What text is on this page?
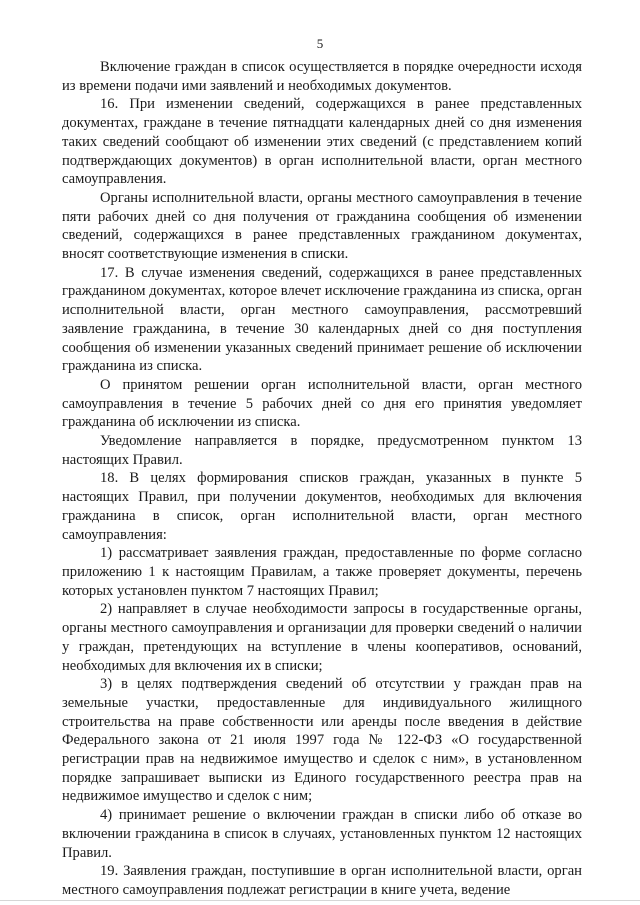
5

Включение граждан в список осуществляется в порядке очередности исходя из времени подачи ими заявлений и необходимых документов.

16. При изменении сведений, содержащихся в ранее представленных документах, граждане в течение пятнадцати календарных дней со дня изменения таких сведений сообщают об изменении этих сведений (с представлением копий подтверждающих документов) в орган исполнительной власти, орган местного самоуправления.

Органы исполнительной власти, органы местного самоуправления в течение пяти рабочих дней со дня получения от гражданина сообщения об изменении сведений, содержащихся в ранее представленных гражданином документах, вносят соответствующие изменения в списки.

17. В случае изменения сведений, содержащихся в ранее представленных гражданином документах, которое влечет исключение гражданина из списка, орган исполнительной власти, орган местного самоуправления, рассмотревший заявление гражданина, в течение 30 календарных дней со дня поступления сообщения об изменении указанных сведений принимает решение об исключении гражданина из списка.

О принятом решении орган исполнительной власти, орган местного самоуправления в течение 5 рабочих дней со дня его принятия уведомляет гражданина об исключении из списка.

Уведомление направляется в порядке, предусмотренном пунктом 13 настоящих Правил.

18. В целях формирования списков граждан, указанных в пункте 5 настоящих Правил, при получении документов, необходимых для включения гражданина в список, орган исполнительной власти, орган местного самоуправления:

1) рассматривает заявления граждан, предоставленные по форме согласно приложению 1 к настоящим Правилам, а также проверяет документы, перечень которых установлен пунктом 7 настоящих Правил;

2) направляет в случае необходимости запросы в государственные органы, органы местного самоуправления и организации для проверки сведений о наличии у граждан, претендующих на вступление в члены кооперативов, оснований, необходимых для включения их в списки;

3) в целях подтверждения сведений об отсутствии у граждан прав на земельные участки, предоставленные для индивидуального жилищного строительства на праве собственности или аренды после введения в действие Федерального закона от 21 июля 1997 года № 122-ФЗ «О государственной регистрации прав на недвижимое имущество и сделок с ним», в установленном порядке запрашивает выписки из Единого государственного реестра прав на недвижимое имущество и сделок с ним;

4) принимает решение о включении граждан в списки либо об отказе во включении гражданина в список в случаях, установленных пунктом 12 настоящих Правил.

19. Заявления граждан, поступившие в орган исполнительной власти, орган местного самоуправления подлежат регистрации в книге учета, ведение
